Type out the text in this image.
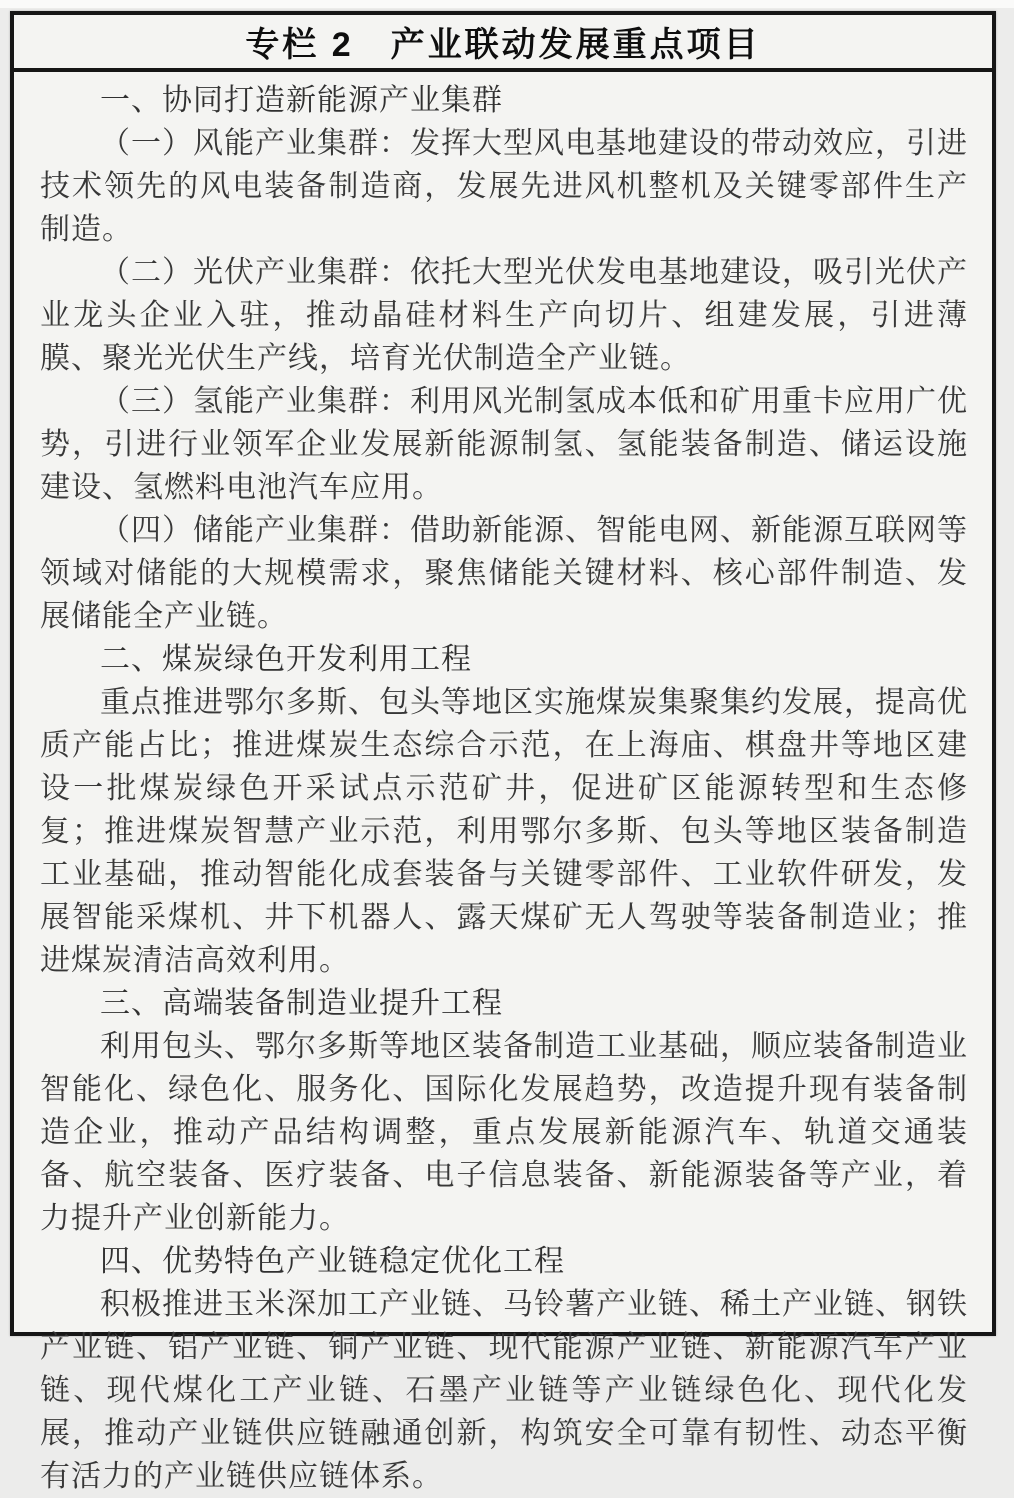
专栏 2　产业联动发展重点项目

一、协同打造新能源产业集群

（一）风能产业集群：发挥大型风电基地建设的带动效应，引进技术领先的风电装备制造商，发展先进风机整机及关键零部件生产制造。

（二）光伏产业集群：依托大型光伏发电基地建设，吸引光伏产业龙头企业入驻，推动晶硅材料生产向切片、组建发展，引进薄膜、聚光光伏生产线，培育光伏制造全产业链。

（三）氢能产业集群：利用风光制氢成本低和矿用重卡应用广优势，引进行业领军企业发展新能源制氢、氢能装备制造、储运设施建设、氢燃料电池汽车应用。

（四）储能产业集群：借助新能源、智能电网、新能源互联网等领域对储能的大规模需求，聚焦储能关键材料、核心部件制造、发展储能全产业链。

二、煤炭绿色开发利用工程

重点推进鄂尔多斯、包头等地区实施煤炭集聚集约发展，提高优质产能占比；推进煤炭生态综合示范，在上海庙、棋盘井等地区建设一批煤炭绿色开采试点示范矿井，促进矿区能源转型和生态修复；推进煤炭智慧产业示范，利用鄂尔多斯、包头等地区装备制造工业基础，推动智能化成套装备与关键零部件、工业软件研发，发展智能采煤机、井下机器人、露天煤矿无人驾驶等装备制造业；推进煤炭清洁高效利用。

三、高端装备制造业提升工程

利用包头、鄂尔多斯等地区装备制造工业基础，顺应装备制造业智能化、绿色化、服务化、国际化发展趋势，改造提升现有装备制造企业，推动产品结构调整，重点发展新能源汽车、轨道交通装备、航空装备、医疗装备、电子信息装备、新能源装备等产业，着力提升产业创新能力。

四、优势特色产业链稳定优化工程

积极推进玉米深加工产业链、马铃薯产业链、稀土产业链、钢铁产业链、铝产业链、铜产业链、现代能源产业链、新能源汽车产业链、现代煤化工产业链、石墨产业链等产业链绿色化、现代化发展，推动产业链供应链融通创新，构筑安全可靠有韧性、动态平衡有活力的产业链供应链体系。
